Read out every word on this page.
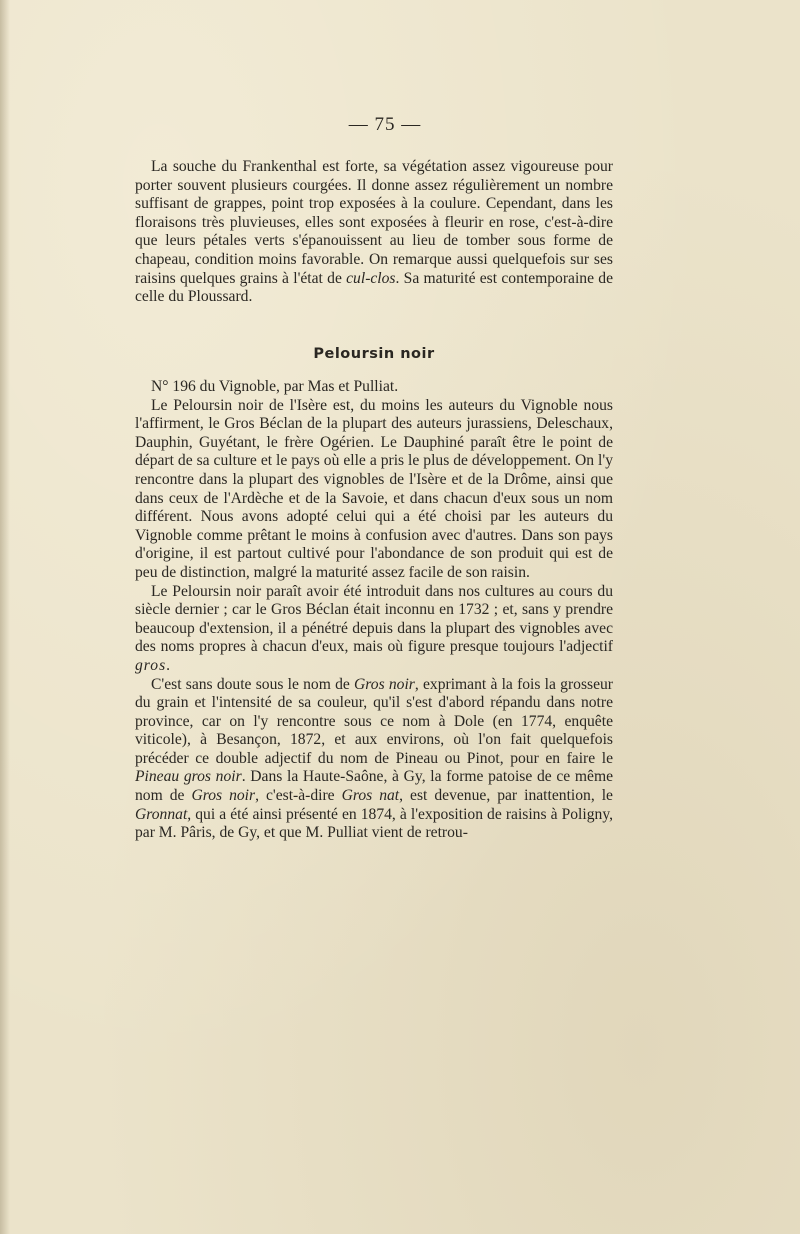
— 75 —

La souche du Frankenthal est forte, sa végétation assez vigoureuse pour porter souvent plusieurs courgées. Il donne assez régulièrement un nombre suffisant de grappes, point trop exposées à la coulure. Cependant, dans les floraisons très pluvieuses, elles sont exposées à fleurir en rose, c'est-à-dire que leurs pétales verts s'épanouissent au lieu de tomber sous forme de chapeau, condition moins favorable. On remarque aussi quelquefois sur ses raisins quelques grains à l'état de cul-clos. Sa maturité est contemporaine de celle du Ploussard.

Peloursin noir

N° 196 du Vignoble, par Mas et Pulliat.

Le Peloursin noir de l'Isère est, du moins les auteurs du Vignoble nous l'affirment, le Gros Béclan de la plupart des auteurs jurassiens, Deleschaux, Dauphin, Guyétant, le frère Ogérien. Le Dauphiné paraît être le point de départ de sa culture et le pays où elle a pris le plus de développement. On l'y rencontre dans la plupart des vignobles de l'Isère et de la Drôme, ainsi que dans ceux de l'Ardèche et de la Savoie, et dans chacun d'eux sous un nom différent. Nous avons adopté celui qui a été choisi par les auteurs du Vignoble comme prêtant le moins à confusion avec d'autres. Dans son pays d'origine, il est partout cultivé pour l'abondance de son produit qui est de peu de distinction, malgré la maturité assez facile de son raisin.

Le Peloursin noir paraît avoir été introduit dans nos cultures au cours du siècle dernier ; car le Gros Béclan était inconnu en 1732 ; et, sans y prendre beaucoup d'extension, il a pénétré depuis dans la plupart des vignobles avec des noms propres à chacun d'eux, mais où figure presque toujours l'adjectif gros.

C'est sans doute sous le nom de Gros noir, exprimant à la fois la grosseur du grain et l'intensité de sa couleur, qu'il s'est d'abord répandu dans notre province, car on l'y rencontre sous ce nom à Dole (en 1774, enquête viticole), à Besançon, 1872, et aux environs, où l'on fait quelquefois précéder ce double adjectif du nom de Pineau ou Pinot, pour en faire le Pineau gros noir. Dans la Haute-Saône, à Gy, la forme patoise de ce même nom de Gros noir, c'est-à-dire Gros nat, est devenue, par inattention, le Gronnat, qui a été ainsi présenté en 1874, à l'exposition de raisins à Poligny, par M. Pâris, de Gy, et que M. Pulliat vient de retrou-
